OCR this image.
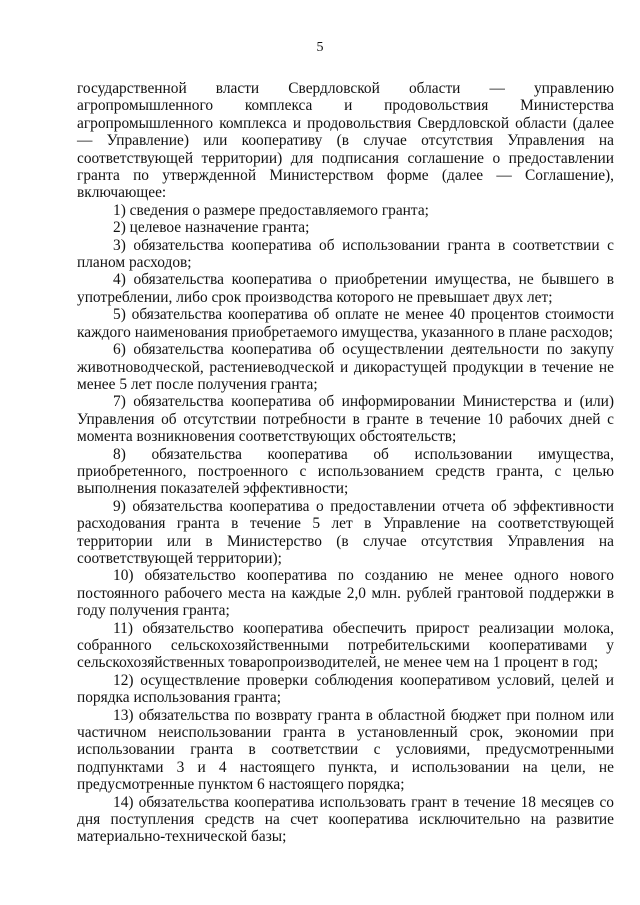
5

государственной власти Свердловской области — управлению агропромышленного комплекса и продовольствия Министерства агропромышленного комплекса и продовольствия Свердловской области (далее — Управление) или кооперативу (в случае отсутствия Управления на соответствующей территории) для подписания соглашение о предоставлении гранта по утвержденной Министерством форме (далее — Соглашение), включающее:

1) сведения о размере предоставляемого гранта;

2) целевое назначение гранта;

3) обязательства кооператива об использовании гранта в соответствии с планом расходов;

4) обязательства кооператива о приобретении имущества, не бывшего в употреблении, либо срок производства которого не превышает двух лет;

5) обязательства кооператива об оплате не менее 40 процентов стоимости каждого наименования приобретаемого имущества, указанного в плане расходов;

6) обязательства кооператива об осуществлении деятельности по закупу животноводческой, растениеводческой и дикорастущей продукции в течение не менее 5 лет после получения гранта;

7) обязательства кооператива об информировании Министерства и (или) Управления об отсутствии потребности в гранте в течение 10 рабочих дней с момента возникновения соответствующих обстоятельств;

8) обязательства кооператива об использовании имущества, приобретенного, построенного с использованием средств гранта, с целью выполнения показателей эффективности;

9) обязательства кооператива о предоставлении отчета об эффективности расходования гранта в течение 5 лет в Управление на соответствующей территории или в Министерство (в случае отсутствия Управления на соответствующей территории);

10) обязательство кооператива по созданию не менее одного нового постоянного рабочего места на каждые 2,0 млн. рублей грантовой поддержки в году получения гранта;

11) обязательство кооператива обеспечить прирост реализации молока, собранного сельскохозяйственными потребительскими кооперативами у сельскохозяйственных товаропроизводителей, не менее чем на 1 процент в год;

12) осуществление проверки соблюдения кооперативом условий, целей и порядка использования гранта;

13) обязательства по возврату гранта в областной бюджет при полном или частичном неиспользовании гранта в установленный срок, экономии при использовании гранта в соответствии с условиями, предусмотренными подпунктами 3 и 4 настоящего пункта, и использовании на цели, не предусмотренные пунктом 6 настоящего порядка;

14) обязательства кооператива использовать грант в течение 18 месяцев со дня поступления средств на счет кооператива исключительно на развитие материально-технической базы;
